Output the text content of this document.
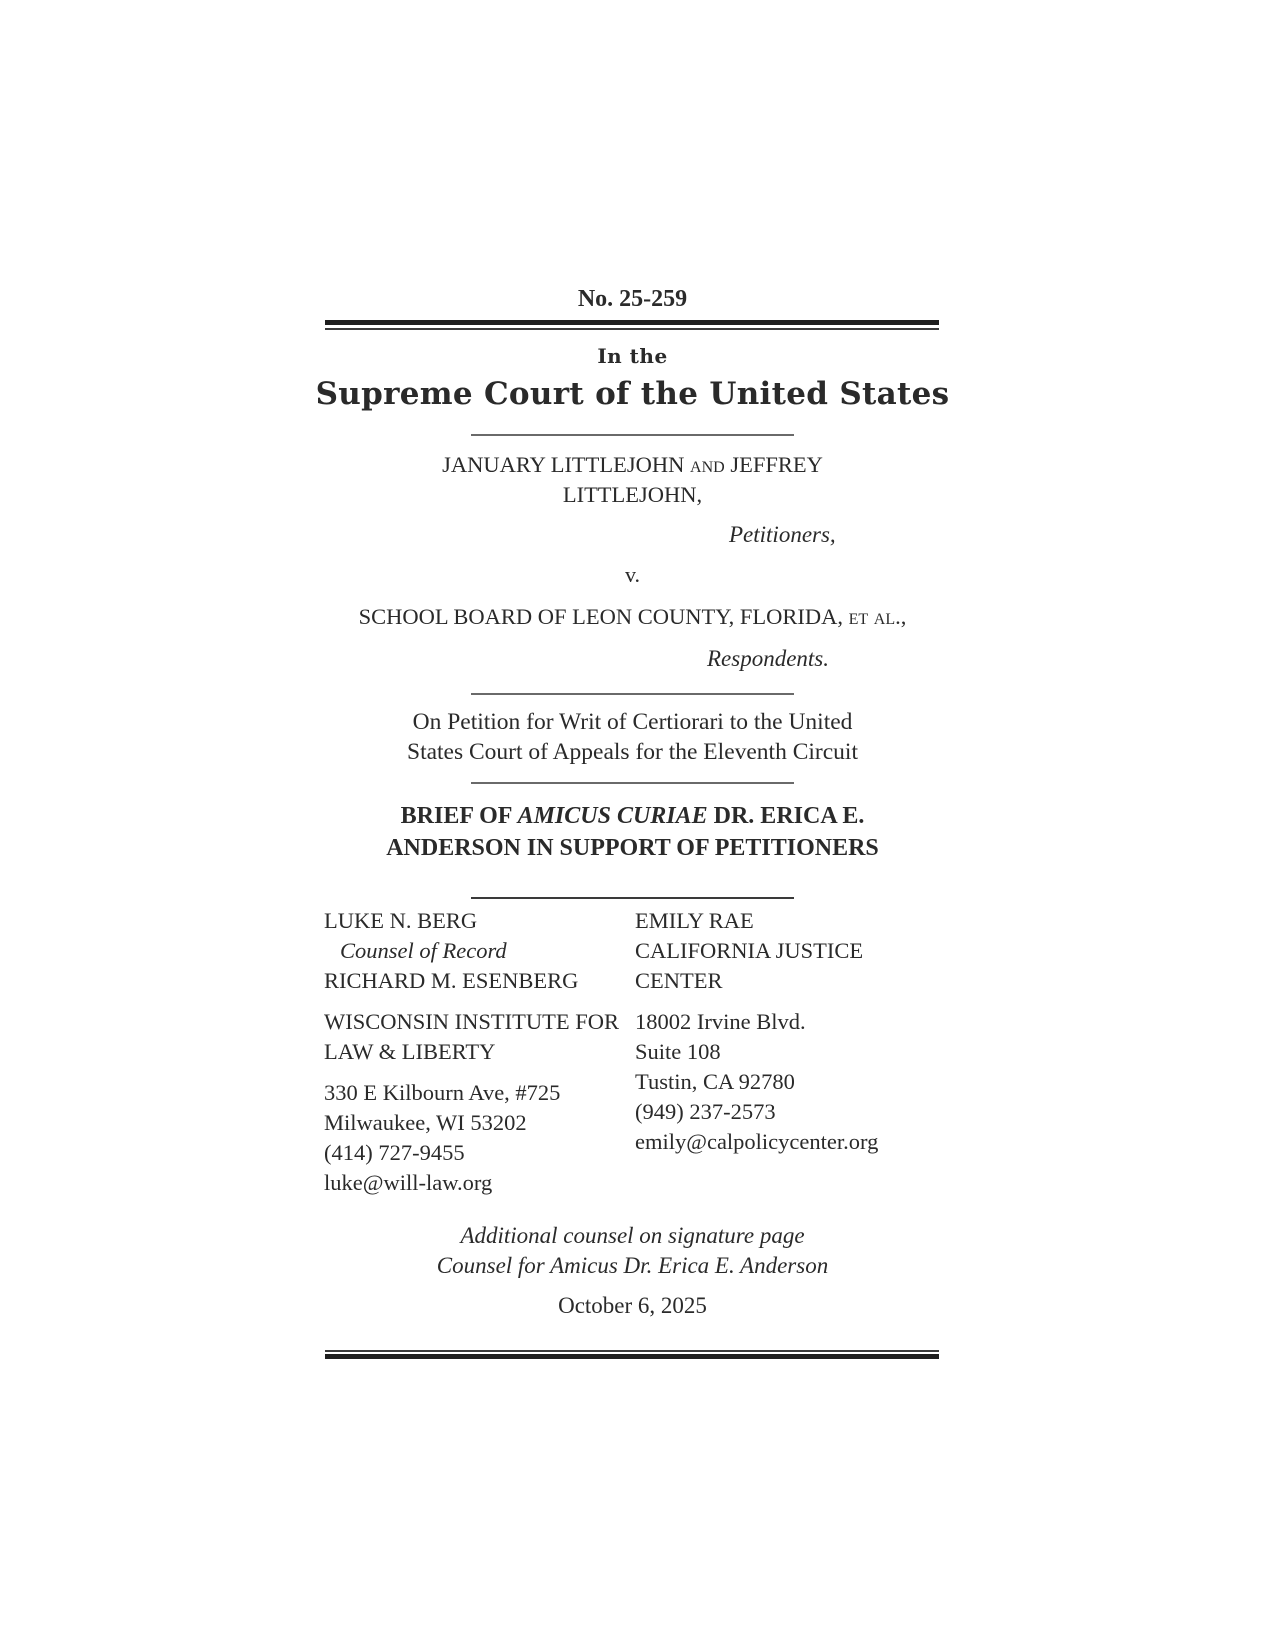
No. 25-259
In the
Supreme Court of the United States
JANUARY LITTLEJOHN and JEFFREY
LITTLEJOHN,
Petitioners,
v.
SCHOOL BOARD OF LEON COUNTY, FLORIDA, et al.,
Respondents.
On Petition for Writ of Certiorari to the United
States Court of Appeals for the Eleventh Circuit
BRIEF OF AMICUS CURIAE DR. ERICA E.
ANDERSON IN SUPPORT OF PETITIONERS

LUKE N. BERG

Counsel of Record

RICHARD M. ESENBERG

WISCONSIN INSTITUTE FOR

LAW & LIBERTY

330 E Kilbourn Ave, #725

Milwaukee, WI 53202

(414) 727-9455

luke@will-law.org

EMILY RAE

CALIFORNIA JUSTICE

CENTER

18002 Irvine Blvd.

Suite 108

Tustin, CA 92780

(949) 237-2573

emily@calpolicycenter.org

Additional counsel on signature page
Counsel for Amicus Dr. Erica E. Anderson
October 6, 2025
